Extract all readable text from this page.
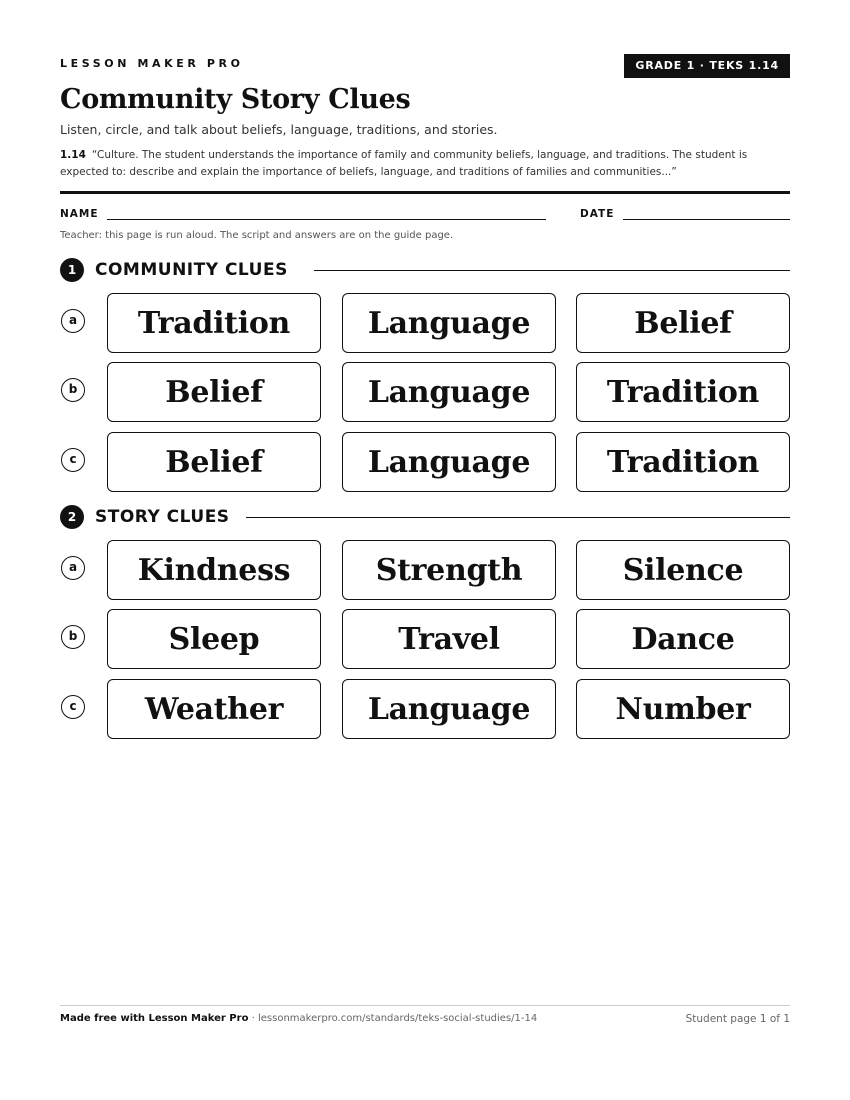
LESSON MAKER PRO	GRADE 1 · TEKS 1.14
Community Story Clues
Listen, circle, and talk about beliefs, language, traditions, and stories.
1.14 “Culture. The student understands the importance of family and community beliefs, language, and traditions. The student is expected to: describe and explain the importance of beliefs, language, and traditions of families and communities...”
NAME	DATE
Teacher: this page is run aloud. The script and answers are on the guide page.
1	COMMUNITY CLUES
a	Tradition	Language	Belief
b	Belief	Language	Tradition
c	Belief	Language	Tradition
2	STORY CLUES
a	Kindness	Strength	Silence
b	Sleep	Travel	Dance
c	Weather	Language	Number
Made free with Lesson Maker Pro · lessonmakerpro.com/standards/teks-social-studies/1-14	Student page 1 of 1
